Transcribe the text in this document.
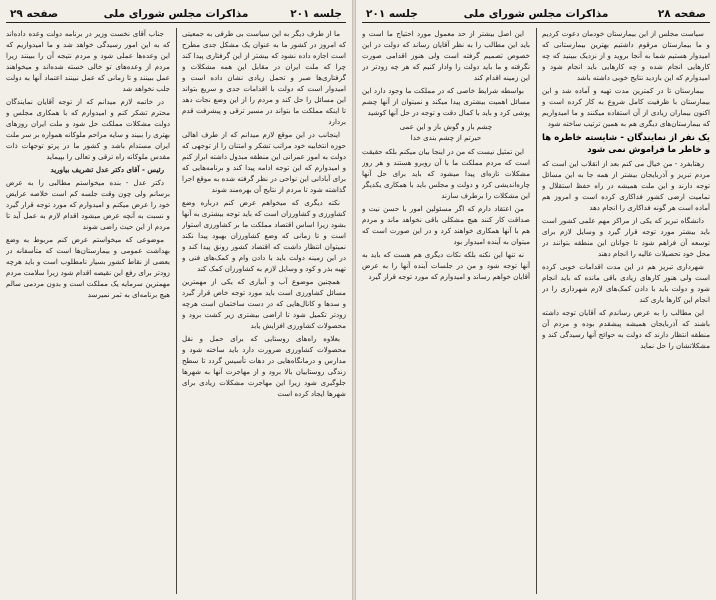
جلسه ۲۰۱
مذاکرات مجلس شورای ملی
صفحه ۲۹

ما از طرف دیگر به این سیاست بی طرفی به جمعیتی که امروز در کشور ما به عنوان یک مشکل جدی مطرح است اجازه داده نشود که بیشتر از این گرفتاری پیدا کند چرا که ملت ایران در مقابل این همه مشکلات و گرفتاری‌ها صبر و تحمل زیادی نشان داده است و امیدوار است که دولت با اقدامات جدی و سریع بتواند این مسائل را حل کند و مردم را از این وضع نجات دهد تا اینکه مملکت ما بتواند در مسیر ترقی و پیشرفت قدم بردارد

اینجانب در این موقع لازم میدانم که از طرف اهالی حوزه انتخابیه خود مراتب تشکر و امتنان را از توجهی که دولت به امور عمرانی این منطقه مبذول داشته ابراز کنم و امیدوارم که این توجه ادامه پیدا کند و برنامه‌هایی که برای آبادانی این نواحی در نظر گرفته شده به موقع اجرا گذاشته شود تا مردم از نتایج آن بهره‌مند شوند

نکته دیگری که میخواهم عرض کنم درباره وضع کشاورزی و کشاورزان است که باید توجه بیشتری به آنها بشود زیرا اساس اقتصاد مملکت ما بر کشاورزی استوار است و تا زمانی که وضع کشاورزان بهبود پیدا نکند نمیتوان انتظار داشت که اقتصاد کشور رونق پیدا کند و در این زمینه دولت باید با دادن وام و کمک‌های فنی و تهیه بذر و کود و وسایل لازم به کشاورزان کمک کند

همچنین موضوع آب و آبیاری که یکی از مهمترین مسائل کشاورزی است باید مورد توجه خاص قرار گیرد و سدها و کانال‌هایی که در دست ساختمان است هرچه زودتر تکمیل شود تا اراضی بیشتری زیر کشت برود و محصولات کشاورزی افزایش یابد

بعلاوه راه‌های روستایی که برای حمل و نقل محصولات کشاورزی ضرورت دارد باید ساخته شود و مدارس و درمانگاه‌هایی در دهات تأسیس گردد تا سطح زندگی روستاییان بالا برود و از مهاجرت آنها به شهرها جلوگیری شود زیرا این مهاجرت مشکلات زیادی برای شهرها ایجاد کرده است

جناب آقای نخست وزیر در برنامه دولت وعده داده‌اند که به این امور رسیدگی خواهد شد و ما امیدواریم که این وعده‌ها عملی شود و مردم نتیجه آن را ببینند زیرا مردم از وعده‌های تو خالی خسته شده‌اند و میخواهند عمل ببینند و تا زمانی که عمل نبینند اعتماد آنها به دولت جلب نخواهد شد

در خاتمه لازم میدانم که از توجه آقایان نمایندگان محترم تشکر کنم و امیدوارم که با همکاری مجلس و دولت مشکلات مملکت حل شود و ملت ایران روزهای بهتری را ببیند و سایه مراحم ملوکانه همواره بر سر ملت ایران مستدام باشد و کشور ما در پرتو توجهات ذات مقدس ملوکانه راه ترقی و تعالی را بپیماید

رئیس - آقای دکتر عدل تشریف بیاورید

دکتر عدل - بنده میخواستم مطالبی را به عرض برسانم ولی چون وقت جلسه کم است خلاصه عرایض خود را عرض میکنم و امیدوارم که مورد توجه قرار گیرد و نسبت به آنچه عرض میشود اقدام لازم به عمل آید تا مردم از این حیث راضی شوند

موضوعی که میخواستم عرض کنم مربوط به وضع بهداشت عمومی و بیمارستان‌ها است که متأسفانه در بعضی از نقاط کشور بسیار نامطلوب است و باید هرچه زودتر برای رفع این نقیصه اقدام شود زیرا سلامت مردم مهمترین سرمایه یک مملکت است و بدون مردمی سالم هیچ برنامه‌ای به ثمر نمیرسد

صفحه ۲۸
مذاکرات مجلس شورای ملی
جلسه ۲۰۱

سیاست مجلس از این بیمارستان خودمان دعوت کردیم و ما بیمارستان مرقوم داشتیم بهترین بیمارستانی که امیدوار هستیم شما به آنجا بروید و از نزدیک ببینید که چه کارهایی انجام شده و چه کارهایی باید انجام شود و امیدوارم که این بازدید نتایج خوبی داشته باشد

بیمارستان تا در کمترین مدت تهیه و آماده شد و این بیمارستان با ظرفیت کامل شروع به کار کرده است و اکنون بیماران زیادی از آن استفاده میکنند و ما امیدواریم که بیمارستان‌های دیگری هم به همین ترتیب ساخته شود

یک نفر از نمایندگان - شایسته خاطره ها و خاطر ما فراموش نمی شود

زهتابفرد - من خیال می کنم بعد از انقلاب این است که مردم تبریز و آذربایجان بیشتر از همه جا به این مسائل توجه دارند و این ملت همیشه در راه حفظ استقلال و تمامیت ارضی کشور فداکاری کرده است و امروز هم آماده است هر گونه فداکاری را انجام دهد

دانشگاه تبریز که یکی از مراکز مهم علمی کشور است باید بیشتر مورد توجه قرار گیرد و وسایل لازم برای توسعه آن فراهم شود تا جوانان این منطقه بتوانند در محل خود تحصیلات عالیه را انجام دهند

شهرداری تبریز هم در این مدت اقدامات خوبی کرده است ولی هنوز کارهای زیادی باقی مانده که باید انجام شود و دولت باید با دادن کمک‌های لازم شهرداری را در انجام این کارها یاری کند

این مطالب را به عرض رساندم که آقایان توجه داشته باشند که آذربایجان همیشه پیشقدم بوده و مردم آن منطقه انتظار دارند که دولت به حوائج آنها رسیدگی کند و مشکلاتشان را حل نماید

این اصل بیشتر از حد معمول مورد احتیاج ما است و باید این مطالب را به نظر آقایان رساند که دولت در این خصوص تصمیم گرفته است ولی هنوز اقدامی صورت نگرفته و ما باید دولت را وادار کنیم که هر چه زودتر در این زمینه اقدام کند

بواسطه شرایط خاصی که در مملکت ما وجود دارد این مسائل اهمیت بیشتری پیدا میکند و نمیتوان از آنها چشم پوشی کرد و باید با کمال دقت و توجه در حل آنها کوشید

چشم باز و گوش باز و این عمی
حیرتم از چشم بندی خدا

این تمثیل نیست که من در اینجا بیان میکنم بلکه حقیقت است که مردم مملکت ما با آن روبرو هستند و هر روز مشکلات تازه‌ای پیدا میشود که باید برای حل آنها چاره‌اندیشی کرد و دولت و مجلس باید با همکاری یکدیگر این مشکلات را برطرف سازند

من اعتقاد دارم که اگر مسئولین امور با حسن نیت و صداقت کار کنند هیچ مشکلی باقی نخواهد ماند و مردم هم با آنها همکاری خواهند کرد و در این صورت است که میتوان به آینده امیدوار بود

نه تنها این نکته بلکه نکات دیگری هم هست که باید به آنها توجه شود و من در جلسات آینده آنها را به عرض آقایان خواهم رساند و امیدوارم که مورد توجه قرار گیرد
